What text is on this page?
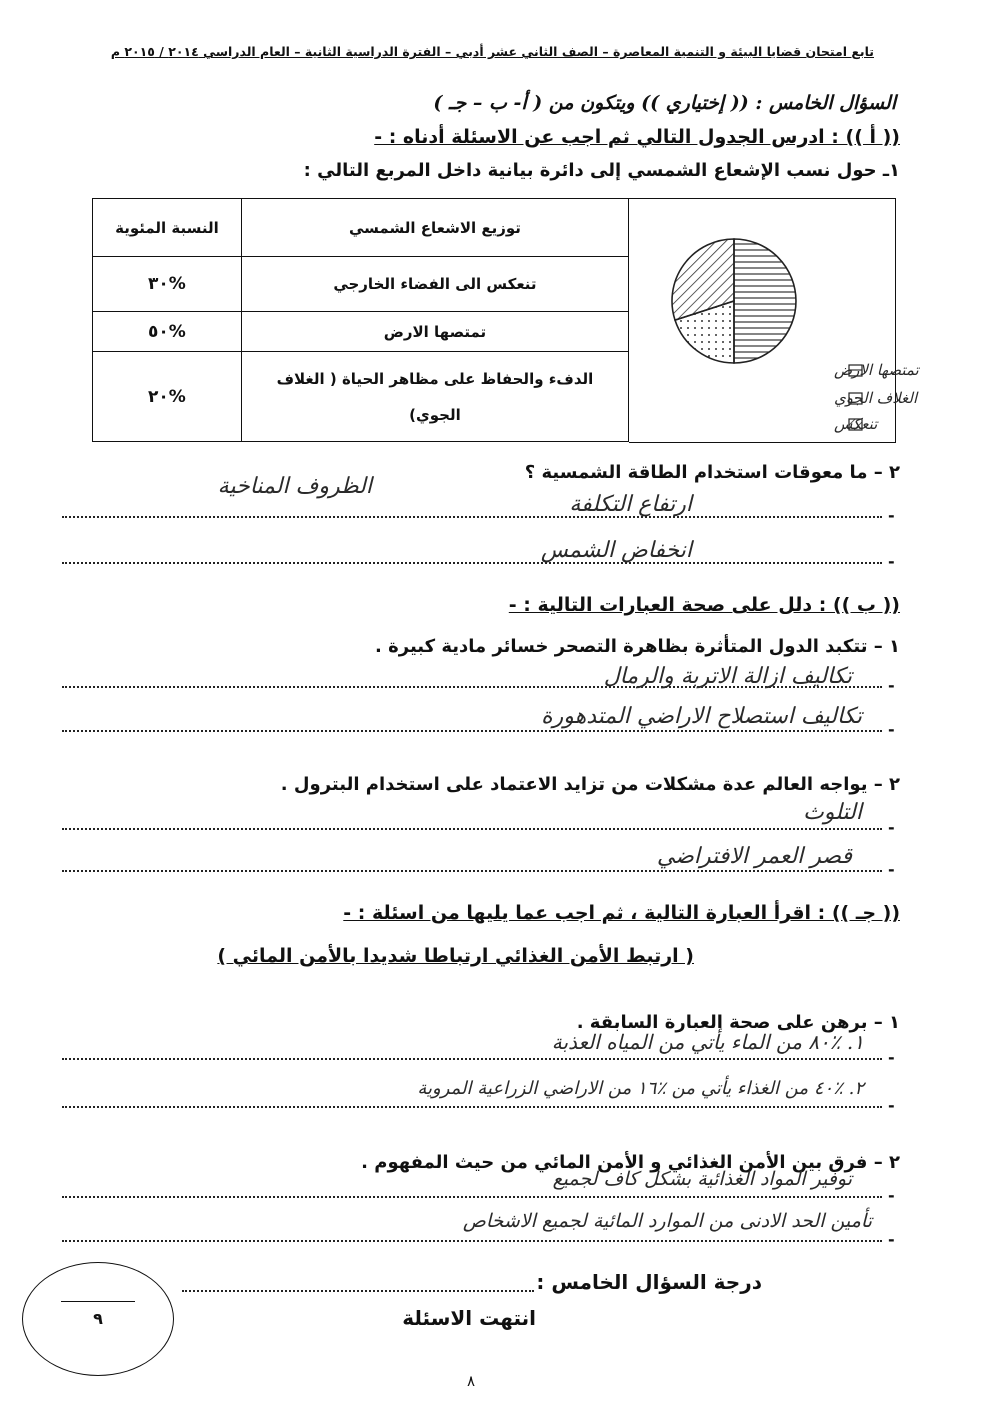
تابع امتحان قضايا البيئة و التنمية المعاصرة – الصف الثاني عشر أدبي – الفترة الدراسية الثانية – العام الدراسي ٢٠١٤ / ٢٠١٥ م
السؤال الخامس : (( إختياري )) ويتكون من ( أ- ب – جـ )
(( أ )) : ادرس الجدول التالي ثم اجب عن الاسئلة أدناه : -
١ـ حول نسب الإشعاع الشمسي إلى دائرة بيانية داخل المربع التالي :
توزيع الاشعاع الشمسي	النسبة المئوية
تنعكس الى الفضاء الخارجي	%٣٠
تمتصها الارض	%٥٠

الدفء والحفاظ على مظاهر الحياة ( الغلاف
الجوي)	%٢٠
تمتصها الارض
الغلاف الجوي
تنعكس
٢ – ما معوقات استخدام الطاقة الشمسية ؟
-
ارتفاع التكلفة
الظروف المناخية
-
انخفاض الشمس
(( ب )) : دلل على صحة العبارات التالية : -
١ – تتكبد الدول المتأثرة بظاهرة التصحر خسائر مادية كبيرة .
-
تكاليف ازالة الاتربة والرمال
-
تكاليف استصلاح الاراضي المتدهورة
٢ – يواجه العالم عدة مشكلات من تزايد الاعتماد على استخدام البترول .
-
التلوث
-
قصر العمر الافتراضي
(( جـ )) : اقرأ العبارة التالية ، ثم اجب عما يليها من اسئلة : -
( ارتبط الأمن الغذائي ارتباطا شديدا بالأمن المائي )
١ – برهن على صحة العبارة السابقة .
-
١. ٪٨٠ من الماء يأتي من المياه العذبة
-
٢. ٪٤٠ من الغذاء يأتي من ٪١٦ من الاراضي الزراعية المروية
٢ – فرق بين الأمن الغذائي و الأمن المائي من حيث المفهوم .
-
توفير المواد الغذائية بشكل كاف لجميع
-
تأمين الحد الادنى من الموارد المائية لجميع الاشخاص
درجة السؤال الخامس :
٩	انتهت الاسئلة
٨
